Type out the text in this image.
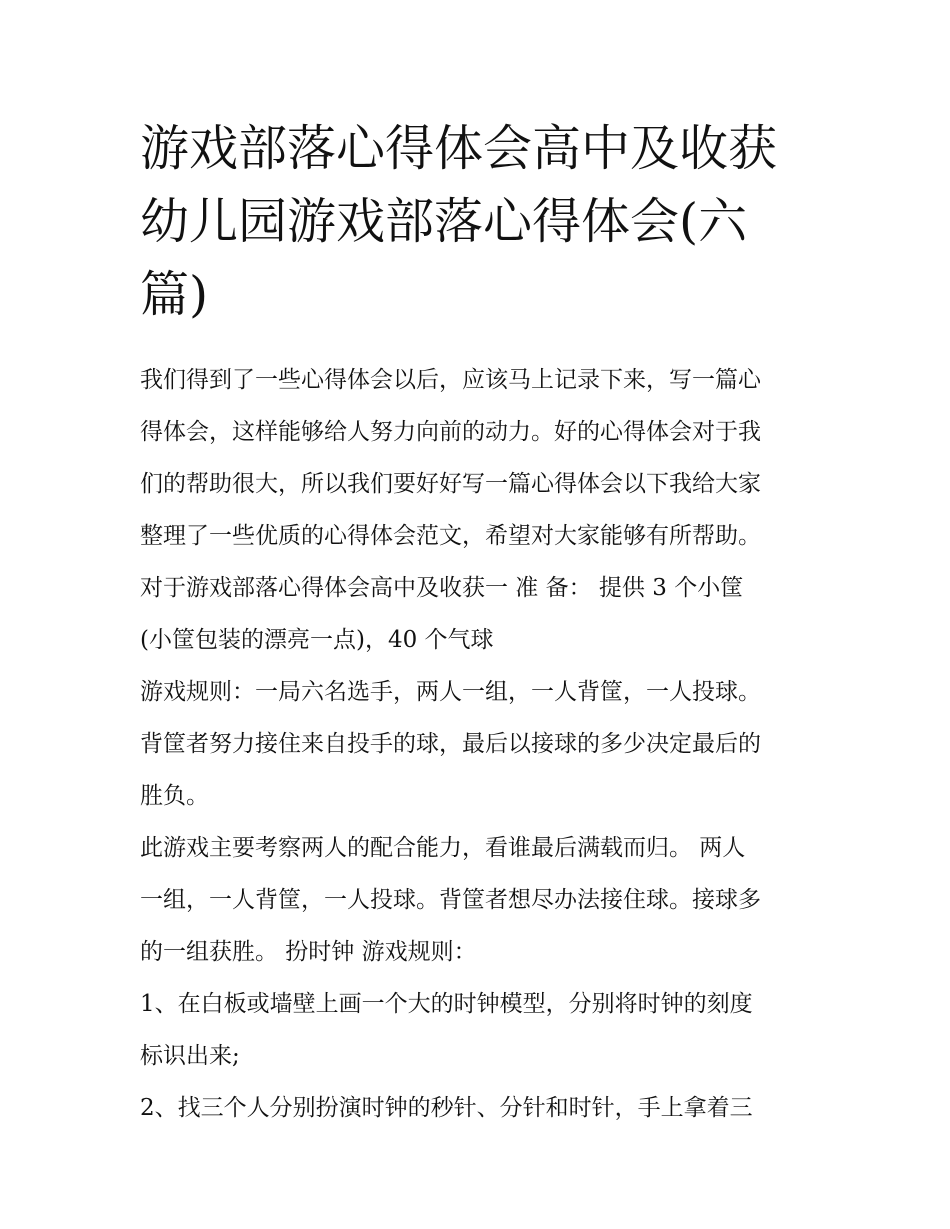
游戏部落心得体会高中及收获
幼儿园游戏部落心得体会(六
篇)
我们得到了一些心得体会以后，应该马上记录下来，写一篇心
得体会，这样能够给人努力向前的动力。好的心得体会对于我
们的帮助很大，所以我们要好好写一篇心得体会以下我给大家
整理了一些优质的心得体会范文，希望对大家能够有所帮助。
对于游戏部落心得体会高中及收获一 准 备： 提供 3 个小筐
(小筐包装的漂亮一点)，40 个气球
游戏规则：一局六名选手，两人一组，一人背筐，一人投球。
背筐者努力接住来自投手的球，最后以接球的多少决定最后的
胜负。
此游戏主要考察两人的配合能力，看谁最后满载而归。 两人
一组，一人背筐，一人投球。背筐者想尽办法接住球。接球多
的一组获胜。 扮时钟 游戏规则：
1、在白板或墙壁上画一个大的时钟模型，分别将时钟的刻度
标识出来;
2、找三个人分别扮演时钟的秒针、分针和时针，手上拿着三
